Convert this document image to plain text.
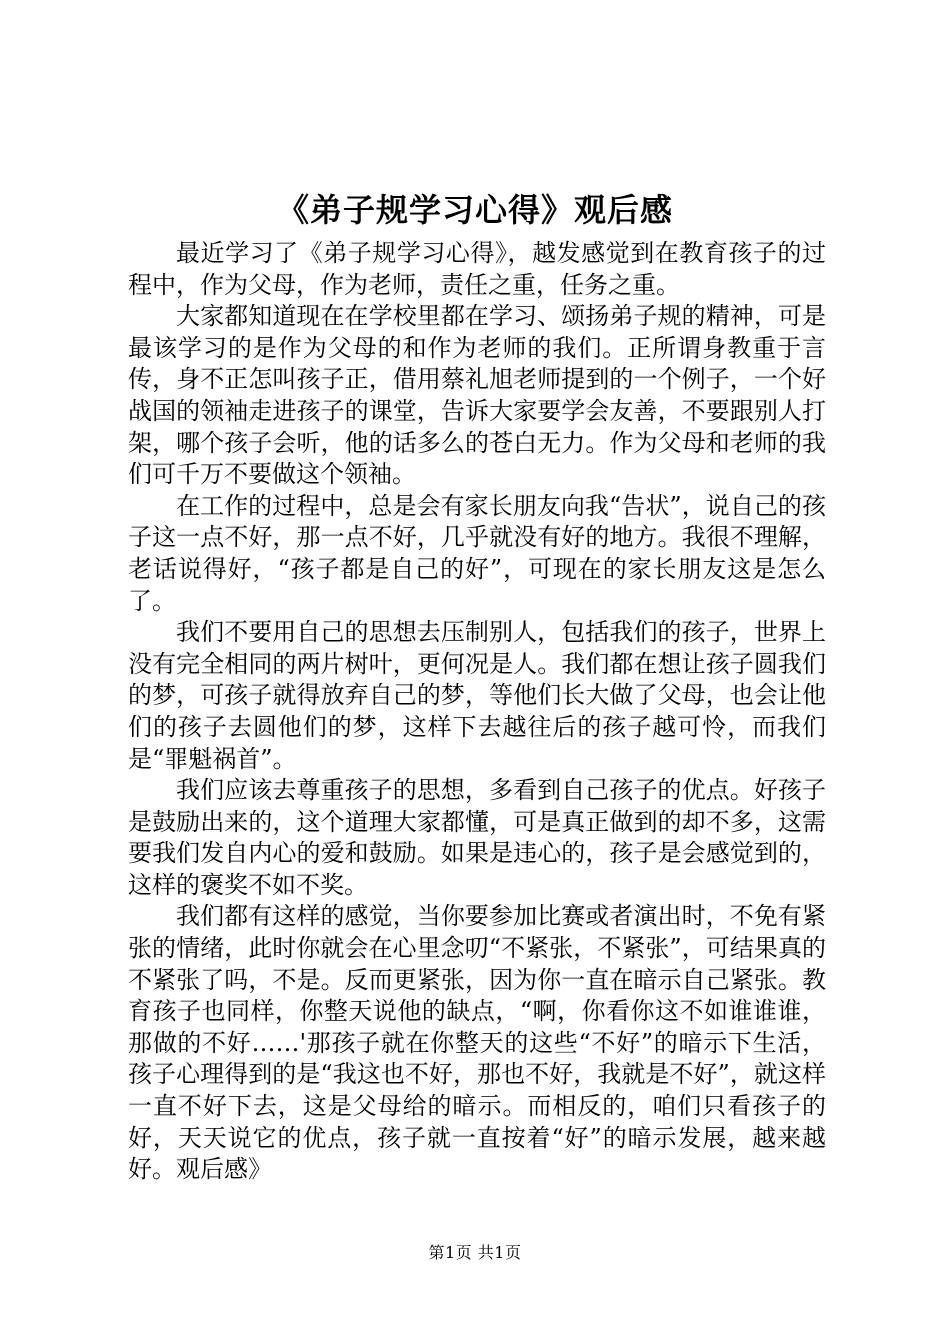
《弟子规学习心得》观后感

最近学习了《弟子规学习心得》，越发感觉到在教育孩子的过程中，作为父母，作为老师，责任之重，任务之重。

大家都知道现在在学校里都在学习、颂扬弟子规的精神，可是最该学习的是作为父母的和作为老师的我们。正所谓身教重于言传，身不正怎叫孩子正，借用蔡礼旭老师提到的一个例子，一个好战国的领袖走进孩子的课堂，告诉大家要学会友善，不要跟别人打架，哪个孩子会听，他的话多么的苍白无力。作为父母和老师的我们可千万不要做这个领袖。

在工作的过程中，总是会有家长朋友向我“告状”，说自己的孩子这一点不好，那一点不好，几乎就没有好的地方。我很不理解，老话说得好，“孩子都是自己的好”，可现在的家长朋友这是怎么了。

我们不要用自己的思想去压制别人，包括我们的孩子，世界上没有完全相同的两片树叶，更何况是人。我们都在想让孩子圆我们的梦，可孩子就得放弃自己的梦，等他们长大做了父母，也会让他们的孩子去圆他们的梦，这样下去越往后的孩子越可怜，而我们是“罪魁祸首”。

我们应该去尊重孩子的思想，多看到自己孩子的优点。好孩子是鼓励出来的，这个道理大家都懂，可是真正做到的却不多，这需要我们发自内心的爱和鼓励。如果是违心的，孩子是会感觉到的，这样的褒奖不如不奖。

我们都有这样的感觉，当你要参加比赛或者演出时，不免有紧张的情绪，此时你就会在心里念叨“不紧张，不紧张”，可结果真的不紧张了吗，不是。反而更紧张，因为你一直在暗示自己紧张。教育孩子也同样，你整天说他的缺点，“啊，你看你这不如谁谁谁，那做的不好……'那孩子就在你整天的这些“不好”的暗示下生活，孩子心理得到的是“我这也不好，那也不好，我就是不好”，就这样一直不好下去，这是父母给的暗示。而相反的，咱们只看孩子的好，天天说它的优点，孩子就一直按着“好”的暗示发展，越来越好。观后感》

第1页 共1页
